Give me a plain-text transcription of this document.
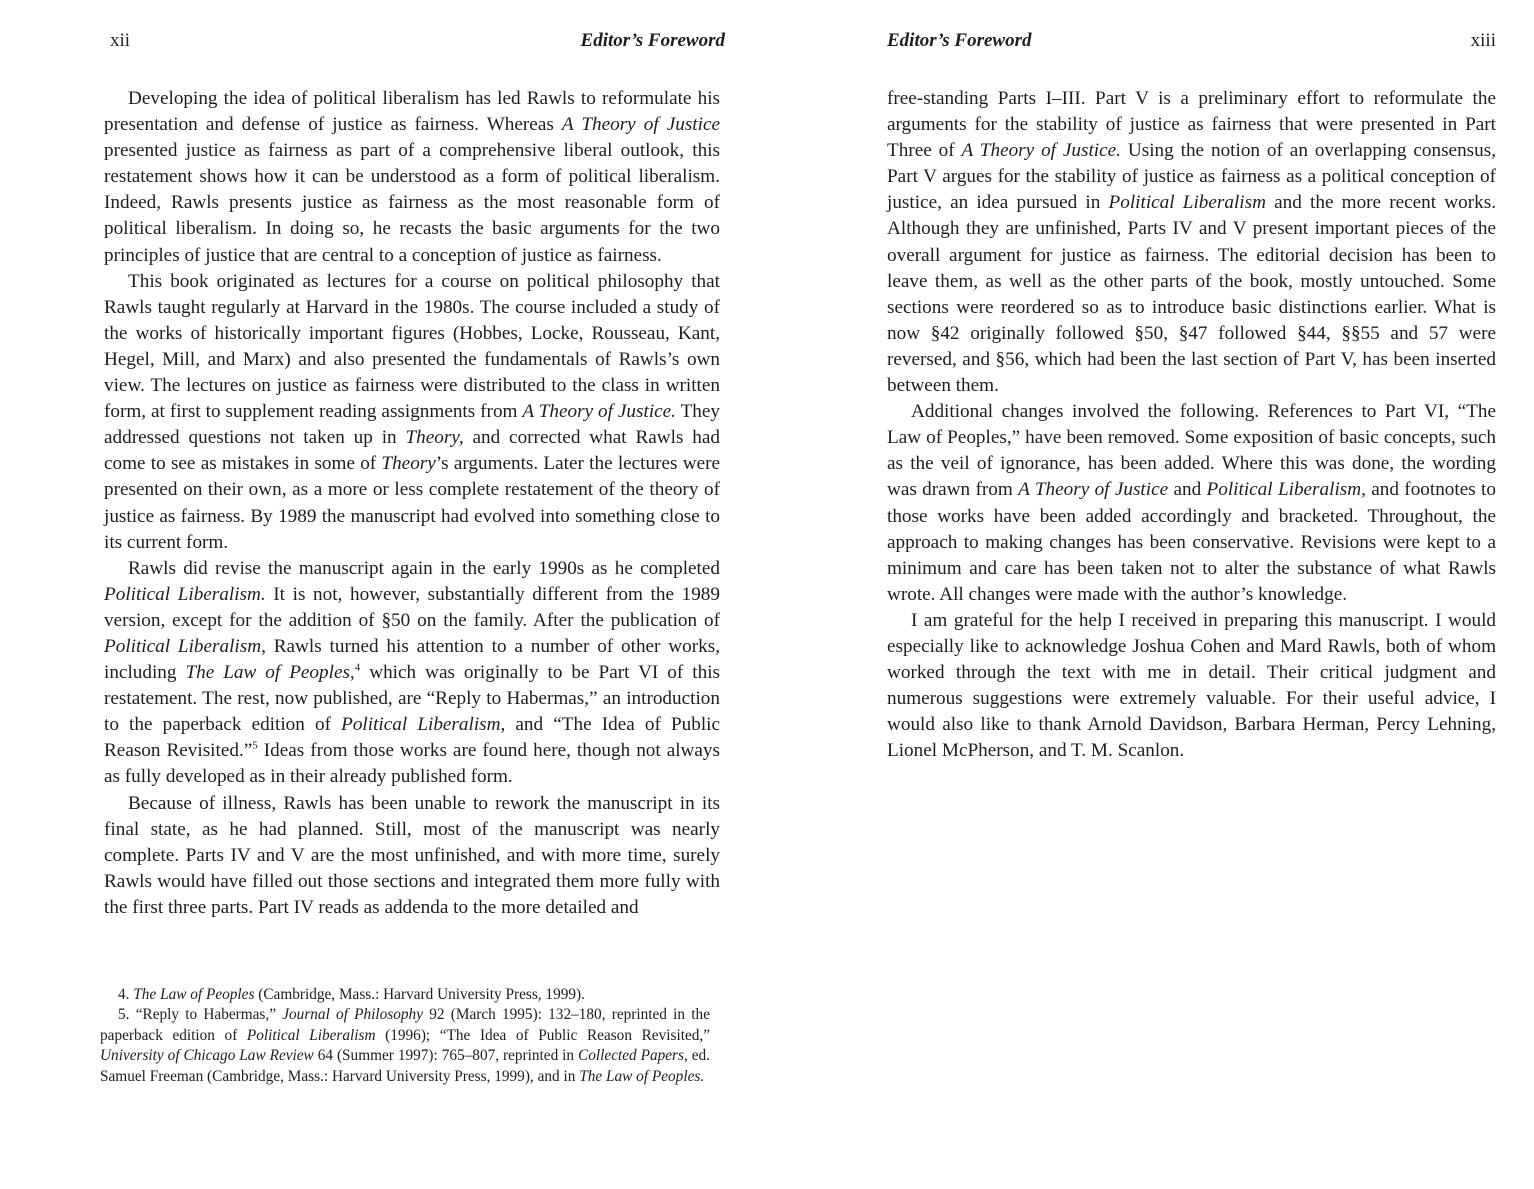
xii	Editor’s Foreword

Developing the idea of political liberalism has led Rawls to reformulate his presentation and defense of justice as fairness. Whereas A Theory of Justice presented justice as fairness as part of a comprehensive liberal outlook, this restatement shows how it can be understood as a form of political liberalism. Indeed, Rawls presents justice as fairness as the most reasonable form of political liberalism. In doing so, he recasts the basic arguments for the two principles of justice that are central to a conception of justice as fairness.

This book originated as lectures for a course on political philosophy that Rawls taught regularly at Harvard in the 1980s. The course included a study of the works of historically important figures (Hobbes, Locke, Rousseau, Kant, Hegel, Mill, and Marx) and also presented the fundamentals of Rawls’s own view. The lectures on justice as fairness were distributed to the class in written form, at first to supplement reading assignments from A Theory of Justice. They addressed questions not taken up in Theory, and corrected what Rawls had come to see as mistakes in some of Theory’s arguments. Later the lectures were presented on their own, as a more or less complete restatement of the theory of justice as fairness. By 1989 the manuscript had evolved into something close to its current form.

Rawls did revise the manuscript again in the early 1990s as he completed Political Liberalism. It is not, however, substantially different from the 1989 version, except for the addition of §50 on the family. After the publication of Political Liberalism, Rawls turned his attention to a number of other works, including The Law of Peoples,$^4$ which was originally to be Part VI of this restatement. The rest, now published, are “Reply to Habermas,” an introduction to the paperback edition of Political Liberalism, and “The Idea of Public Reason Revisited.”$^5$ Ideas from those works are found here, though not always as fully developed as in their already published form.

Because of illness, Rawls has been unable to rework the manuscript in its final state, as he had planned. Still, most of the manuscript was nearly complete. Parts IV and V are the most unfinished, and with more time, surely Rawls would have filled out those sections and integrated them more fully with the first three parts. Part IV reads as addenda to the more detailed and

4. The Law of Peoples (Cambridge, Mass.: Harvard University Press, 1999).

5. “Reply to Habermas,” Journal of Philosophy 92 (March 1995): 132–180, reprinted in the paperback edition of Political Liberalism (1996); “The Idea of Public Reason Revisited,” University of Chicago Law Review 64 (Summer 1997): 765–807, reprinted in Collected Papers, ed. Samuel Freeman (Cambridge, Mass.: Harvard University Press, 1999), and in The Law of Peoples.

Editor’s Foreword	xiii

free-standing Parts I–III. Part V is a preliminary effort to reformulate the arguments for the stability of justice as fairness that were presented in Part Three of A Theory of Justice. Using the notion of an overlapping consensus, Part V argues for the stability of justice as fairness as a political conception of justice, an idea pursued in Political Liberalism and the more recent works. Although they are unfinished, Parts IV and V present important pieces of the overall argument for justice as fairness. The editorial decision has been to leave them, as well as the other parts of the book, mostly untouched. Some sections were reordered so as to introduce basic distinctions earlier. What is now §42 originally followed §50, §47 followed §44, §§55 and 57 were reversed, and §56, which had been the last section of Part V, has been inserted between them.

Additional changes involved the following. References to Part VI, “The Law of Peoples,” have been removed. Some exposition of basic concepts, such as the veil of ignorance, has been added. Where this was done, the wording was drawn from A Theory of Justice and Political Liberalism, and footnotes to those works have been added accordingly and bracketed. Throughout, the approach to making changes has been conservative. Revisions were kept to a minimum and care has been taken not to alter the substance of what Rawls wrote. All changes were made with the author’s knowledge.

I am grateful for the help I received in preparing this manuscript. I would especially like to acknowledge Joshua Cohen and Mard Rawls, both of whom worked through the text with me in detail. Their critical judgment and numerous suggestions were extremely valuable. For their useful advice, I would also like to thank Arnold Davidson, Barbara Herman, Percy Lehning, Lionel McPherson, and T. M. Scanlon.
